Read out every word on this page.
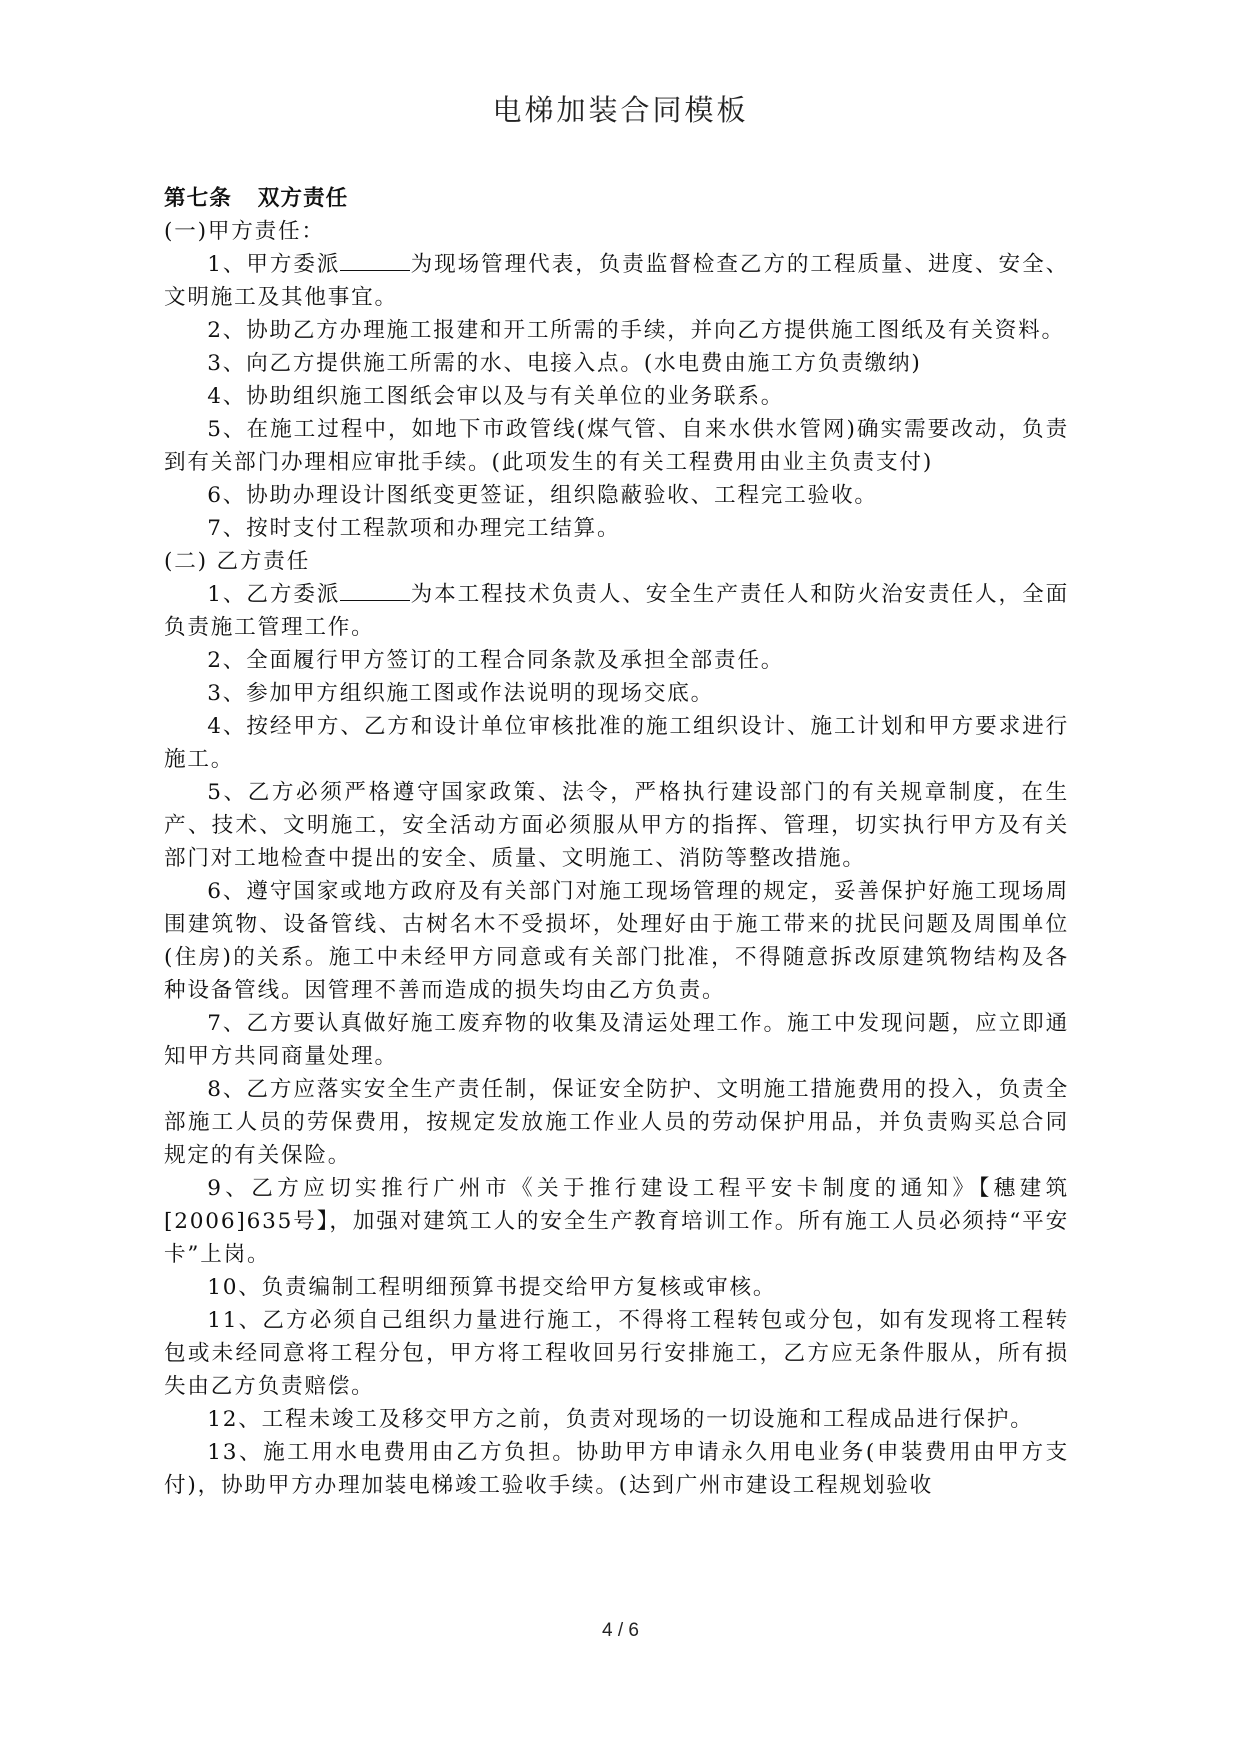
电梯加装合同模板
第七条 双方责任
(一)甲方责任：
1、甲方委派	为现场管理代表，负责监督检查乙方的工程质量、进度、安全、文明施工及其他事宜。
2、协助乙方办理施工报建和开工所需的手续，并向乙方提供施工图纸及有关资料。
3、向乙方提供施工所需的水、电接入点。(水电费由施工方负责缴纳)
4、协助组织施工图纸会审以及与有关单位的业务联系。
5、在施工过程中，如地下市政管线(煤气管、自来水供水管网)确实需要改动，负责到有关部门办理相应审批手续。(此项发生的有关工程费用由业主负责支付)
6、协助办理设计图纸变更签证，组织隐蔽验收、工程完工验收。
7、按时支付工程款项和办理完工结算。
(二) 乙方责任
1、乙方委派	为本工程技术负责人、安全生产责任人和防火治安责任人，全面负责施工管理工作。
2、全面履行甲方签订的工程合同条款及承担全部责任。
3、参加甲方组织施工图或作法说明的现场交底。
4、按经甲方、乙方和设计单位审核批准的施工组织设计、施工计划和甲方要求进行施工。
5、乙方必须严格遵守国家政策、法令，严格执行建设部门的有关规章制度，在生产、技术、文明施工，安全活动方面必须服从甲方的指挥、管理，切实执行甲方及有关部门对工地检查中提出的安全、质量、文明施工、消防等整改措施。
6、遵守国家或地方政府及有关部门对施工现场管理的规定，妥善保护好施工现场周围建筑物、设备管线、古树名木不受损坏，处理好由于施工带来的扰民问题及周围单位(住房)的关系。施工中未经甲方同意或有关部门批准，不得随意拆改原建筑物结构及各种设备管线。因管理不善而造成的损失均由乙方负责。
7、乙方要认真做好施工废弃物的收集及清运处理工作。施工中发现问题，应立即通知甲方共同商量处理。
8、乙方应落实安全生产责任制，保证安全防护、文明施工措施费用的投入，负责全部施工人员的劳保费用，按规定发放施工作业人员的劳动保护用品，并负责购买总合同规定的有关保险。
9、乙方应切实推行广州市《关于推行建设工程平安卡制度的通知》【穗建筑[2006]635号】，加强对建筑工人的安全生产教育培训工作。所有施工人员必须持“平安卡”上岗。
10、负责编制工程明细预算书提交给甲方复核或审核。
11、乙方必须自己组织力量进行施工，不得将工程转包或分包，如有发现将工程转包或未经同意将工程分包，甲方将工程收回另行安排施工，乙方应无条件服从，所有损失由乙方负责赔偿。
12、工程未竣工及移交甲方之前，负责对现场的一切设施和工程成品进行保护。
13、施工用水电费用由乙方负担。协助甲方申请永久用电业务(申装费用由甲方支付)，协助甲方办理加装电梯竣工验收手续。(达到广州市建设工程规划验收
4 / 6
